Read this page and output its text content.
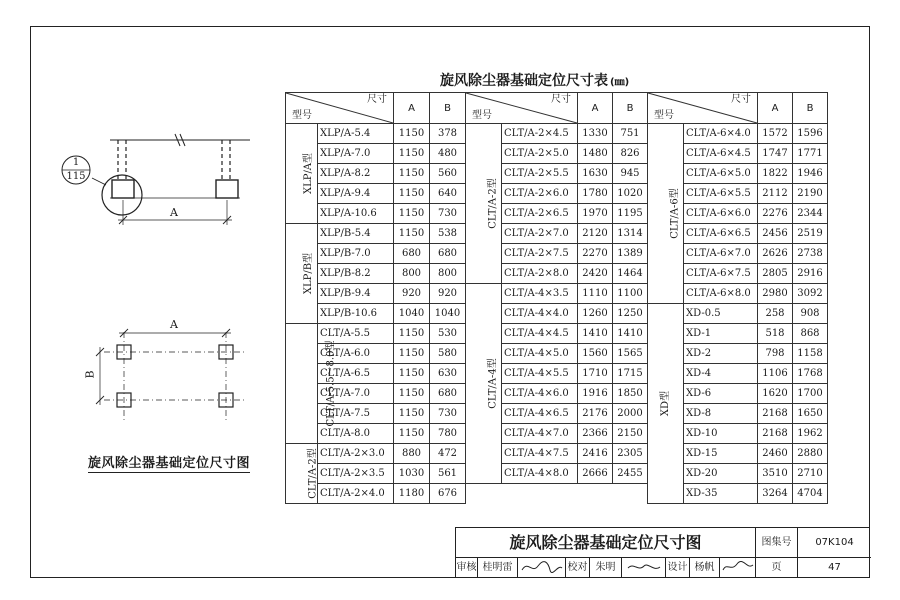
1
115
A
A
B
旋风除尘器基础定位尺寸图
旋风除尘器基础定位尺寸表 (㎜)
尺寸
型号		A	B
XLP/A型	XLP/A-5.4	1150	378
	XLP/A-7.0	1150	480
	XLP/A-8.2	1150	560
	XLP/A-9.4	1150	640
	XLP/A-10.6	1150	730
XLP/B型	XLP/B-5.4	1150	538
	XLP/B-7.0	680	680
	XLP/B-8.2	800	800
	XLP/B-9.4	920	920
	XLP/B-10.6	1040	1040
CLT/A-5.5～8.0型	CLT/A-5.5	1150	530
	CLT/A-6.0	1150	580
	CLT/A-6.5	1150	630
	CLT/A-7.0	1150	680
	CLT/A-7.5	1150	730
	CLT/A-8.0	1150	780
CLT/A-2型	CLT/A-2×3.0	880	472
	CLT/A-2×3.5	1030	561
	CLT/A-2×4.0	1180	676
尺寸
型号		A	B
CLT/A-2型	CLT/A-2×4.5	1330	751
	CLT/A-2×5.0	1480	826
	CLT/A-2×5.5	1630	945
	CLT/A-2×6.0	1780	1020
	CLT/A-2×6.5	1970	1195
	CLT/A-2×7.0	2120	1314
	CLT/A-2×7.5	2270	1389
	CLT/A-2×8.0	2420	1464
CLT/A-4型	CLT/A-4×3.5	1110	1100
	CLT/A-4×4.0	1260	1250
	CLT/A-4×4.5	1410	1410
	CLT/A-4×5.0	1560	1565
	CLT/A-4×5.5	1710	1715
	CLT/A-4×6.0	1916	1850
	CLT/A-4×6.5	2176	2000
	CLT/A-4×7.0	2366	2150
	CLT/A-4×7.5	2416	2305
	CLT/A-4×8.0	2666	2455
尺寸
型号		A	B
CLT/A-6型	CLT/A-6×4.0	1572	1596
	CLT/A-6×4.5	1747	1771
	CLT/A-6×5.0	1822	1946
	CLT/A-6×5.5	2112	2190
	CLT/A-6×6.0	2276	2344
	CLT/A-6×6.5	2456	2519
	CLT/A-6×7.0	2626	2738
	CLT/A-6×7.5	2805	2916
	CLT/A-6×8.0	2980	3092
XD型	XD-0.5	258	908
	XD-1	518	868
	XD-2	798	1158
	XD-4	1106	1768
	XD-6	1620	1700
	XD-8	2168	1650
	XD-10	2168	1962
	XD-15	2460	2880
	XD-20	3510	2710
	XD-35	3264	4704
旋风除尘器基础定位尺寸图	图集号	07K104
审核 桂明雷	校对 朱明	设计 杨帆	页	47
